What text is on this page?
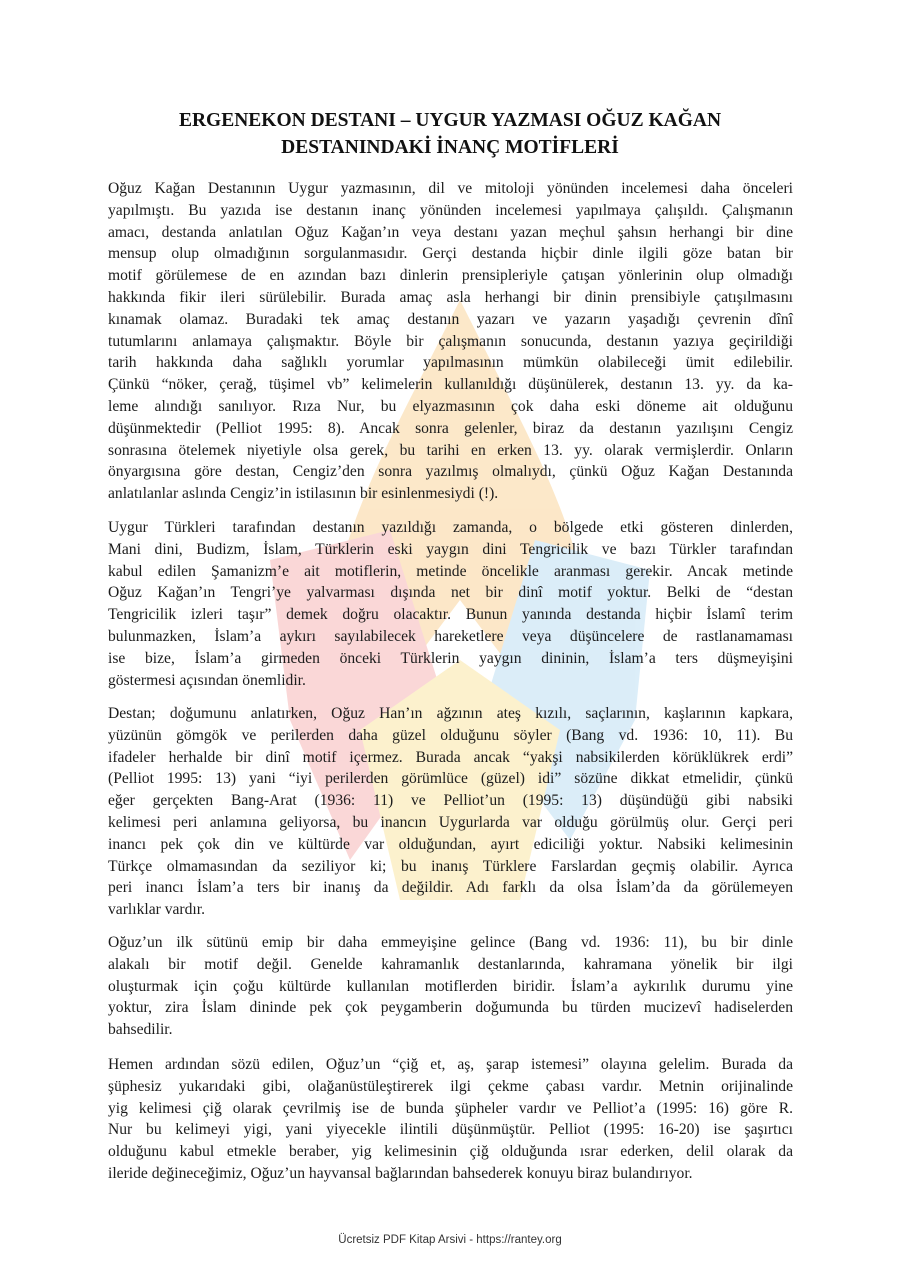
ERGENEKON DESTANI – UYGUR YAZMASI OĞUZ KAĞAN
DESTANINDAKİ İNANÇ MOTİFLERİ
Oğuz Kağan Destanının Uygur yazmasının, dil ve mitoloji yönünden incelemesi daha önceleri
yapılmıştı. Bu yazıda ise destanın inanç yönünden incelemesi yapılmaya çalışıldı. Çalışmanın
amacı, destanda anlatılan Oğuz Kağan’ın veya destanı yazan meçhul şahsın herhangi bir dine
mensup olup olmadığının sorgulanmasıdır. Gerçi destanda hiçbir dinle ilgili göze batan bir
motif görülemese de en azından bazı dinlerin prensipleriyle çatışan yönlerinin olup olmadığı
hakkında fikir ileri sürülebilir. Burada amaç asla herhangi bir dinin prensibiyle çatışılmasını
kınamak olamaz. Buradaki tek amaç destanın yazarı ve yazarın yaşadığı çevrenin dînî
tutumlarını anlamaya çalışmaktır. Böyle bir çalışmanın sonucunda, destanın yazıya geçirildiği
tarih hakkında daha sağlıklı yorumlar yapılmasının mümkün olabileceği ümit edilebilir.
Çünkü “nöker, çerağ, tüşimel vb” kelimelerin kullanıldığı düşünülerek, destanın 13. yy. da ka-
leme alındığı sanılıyor. Rıza Nur, bu elyazmasının çok daha eski döneme ait olduğunu
düşünmektedir (Pelliot 1995: 8). Ancak sonra gelenler, biraz da destanın yazılışını Cengiz
sonrasına ötelemek niyetiyle olsa gerek, bu tarihi en erken 13. yy. olarak vermişlerdir. Onların
önyargısına göre destan, Cengiz’den sonra yazılmış olmalıydı, çünkü Oğuz Kağan Destanında
anlatılanlar aslında Cengiz’in istilasının bir esinlenmesiydi (!).
Uygur Türkleri tarafından destanın yazıldığı zamanda, o bölgede etki gösteren dinlerden,
Mani dini, Budizm, İslam, Türklerin eski yaygın dini Tengricilik ve bazı Türkler tarafından
kabul edilen Şamanizm’e ait motiflerin, metinde öncelikle aranması gerekir. Ancak metinde
Oğuz Kağan’ın Tengri’ye yalvarması dışında net bir dinî motif yoktur. Belki de “destan
Tengricilik izleri taşır” demek doğru olacaktır. Bunun yanında destanda hiçbir İslamî terim
bulunmazken, İslam’a aykırı sayılabilecek hareketlere veya düşüncelere de rastlanamaması
ise bize, İslam’a girmeden önceki Türklerin yaygın dininin, İslam’a ters düşmeyişini
göstermesi açısından önemlidir.
Destan; doğumunu anlatırken, Oğuz Han’ın ağzının ateş kızılı, saçlarının, kaşlarının kapkara,
yüzünün gömgök ve perilerden daha güzel olduğunu söyler (Bang vd. 1936: 10, 11). Bu
ifadeler herhalde bir dinî motif içermez. Burada ancak “yakşi nabsikilerden körüklükrek erdi”
(Pelliot 1995: 13) yani “iyi perilerden görümlüce (güzel) idi” sözüne dikkat etmelidir, çünkü
eğer gerçekten Bang-Arat (1936: 11) ve Pelliot’un (1995: 13) düşündüğü gibi nabsiki
kelimesi peri anlamına geliyorsa, bu inancın Uygurlarda var olduğu görülmüş olur. Gerçi peri
inancı pek çok din ve kültürde var olduğundan, ayırt ediciliği yoktur. Nabsiki kelimesinin
Türkçe olmamasından da seziliyor ki; bu inanış Türklere Farslardan geçmiş olabilir. Ayrıca
peri inancı İslam’a ters bir inanış da değildir. Adı farklı da olsa İslam’da da görülemeyen
varlıklar vardır.
Oğuz’un ilk sütünü emip bir daha emmeyişine gelince (Bang vd. 1936: 11), bu bir dinle
alakalı bir motif değil. Genelde kahramanlık destanlarında, kahramana yönelik bir ilgi
oluşturmak için çoğu kültürde kullanılan motiflerden biridir. İslam’a aykırılık durumu yine
yoktur, zira İslam dininde pek çok peygamberin doğumunda bu türden mucizevî hadiselerden
bahsedilir.
Hemen ardından sözü edilen, Oğuz’un “çiğ et, aş, şarap istemesi” olayına gelelim. Burada da
şüphesiz yukarıdaki gibi, olağanüstüleştirerek ilgi çekme çabası vardır. Metnin orijinalinde
yig kelimesi çiğ olarak çevrilmiş ise de bunda şüpheler vardır ve Pelliot’a (1995: 16) göre R.
Nur bu kelimeyi yigi, yani yiyecekle ilintili düşünmüştür. Pelliot (1995: 16-20) ise şaşırtıcı
olduğunu kabul etmekle beraber, yig kelimesinin çiğ olduğunda ısrar ederken, delil olarak da
ileride değineceğimiz, Oğuz’un hayvansal bağlarından bahsederek konuyu biraz bulandırıyor.
Ücretsiz PDF Kitap Arsivi - https://rantey.org
